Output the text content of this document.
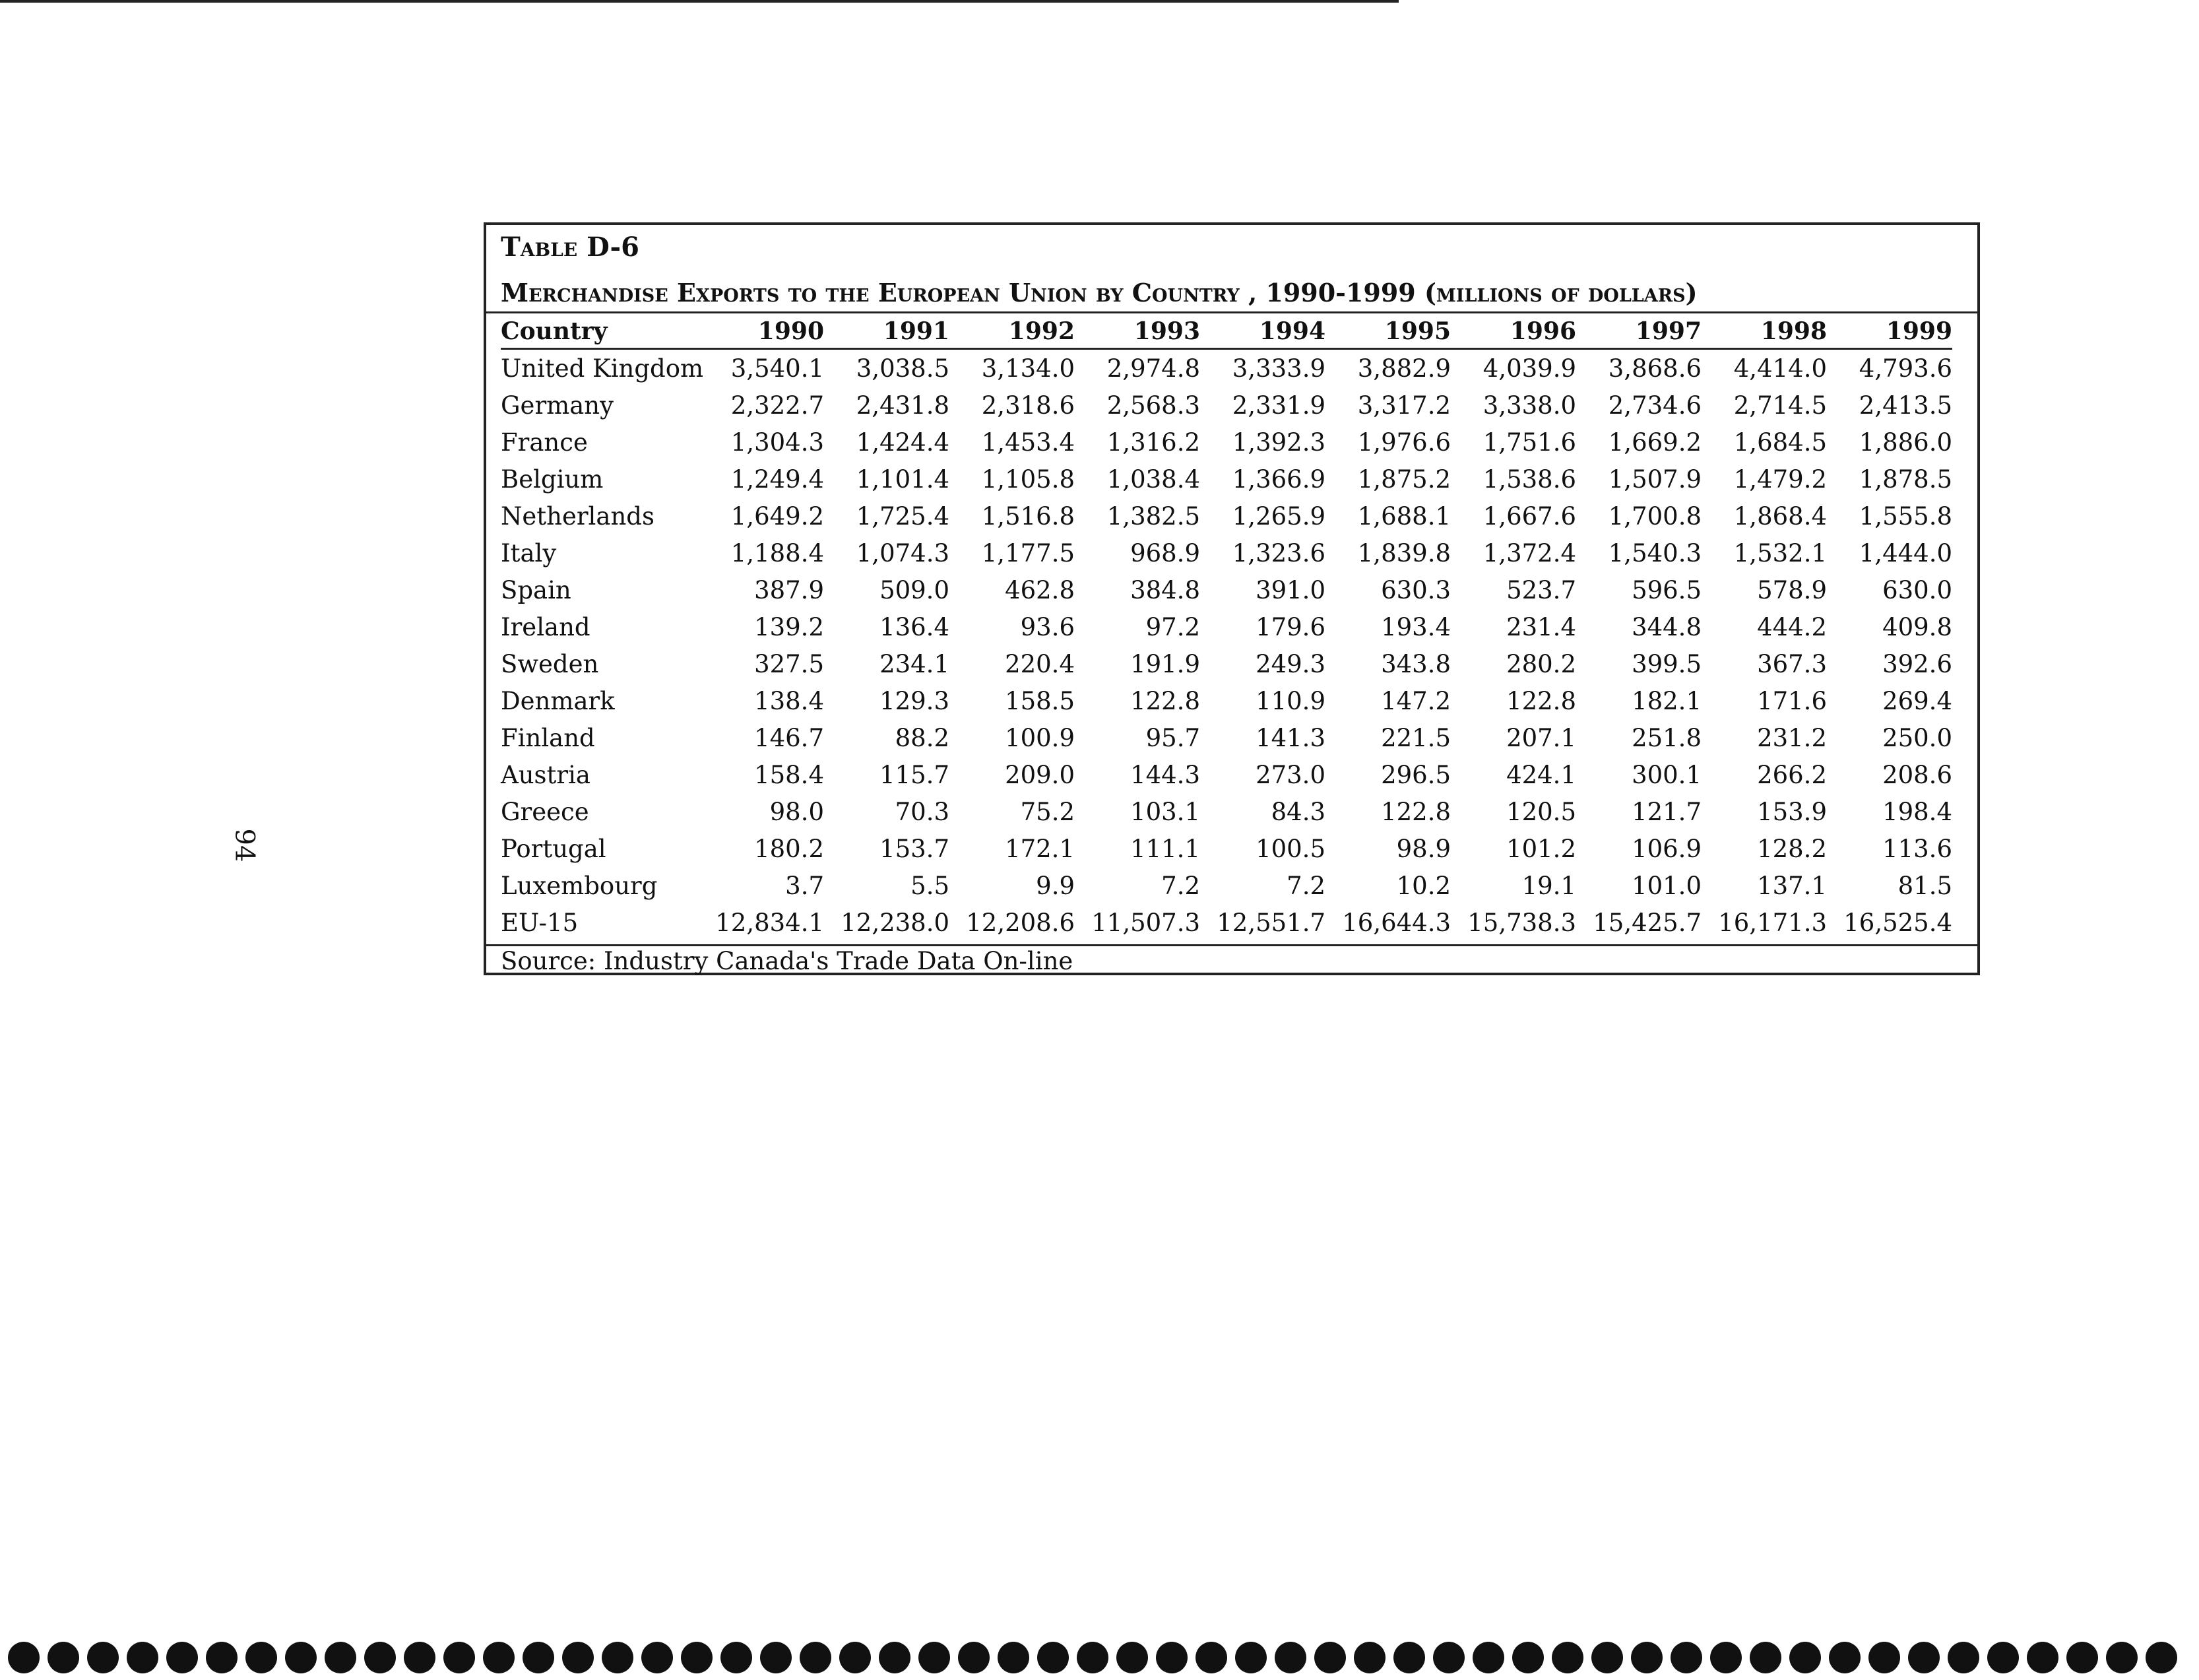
94
Table D-6
Merchandise Exports to the European Union by Country , 1990-1999 (millions of dollars)
Country	1990	1991	1992	1993	1994	1995	1996	1997	1998	1999
United Kingdom	3,540.1	3,038.5	3,134.0	2,974.8	3,333.9	3,882.9	4,039.9	3,868.6	4,414.0	4,793.6
Germany	2,322.7	2,431.8	2,318.6	2,568.3	2,331.9	3,317.2	3,338.0	2,734.6	2,714.5	2,413.5
France	1,304.3	1,424.4	1,453.4	1,316.2	1,392.3	1,976.6	1,751.6	1,669.2	1,684.5	1,886.0
Belgium	1,249.4	1,101.4	1,105.8	1,038.4	1,366.9	1,875.2	1,538.6	1,507.9	1,479.2	1,878.5
Netherlands	1,649.2	1,725.4	1,516.8	1,382.5	1,265.9	1,688.1	1,667.6	1,700.8	1,868.4	1,555.8
Italy	1,188.4	1,074.3	1,177.5	968.9	1,323.6	1,839.8	1,372.4	1,540.3	1,532.1	1,444.0
Spain	387.9	509.0	462.8	384.8	391.0	630.3	523.7	596.5	578.9	630.0
Ireland	139.2	136.4	93.6	97.2	179.6	193.4	231.4	344.8	444.2	409.8
Sweden	327.5	234.1	220.4	191.9	249.3	343.8	280.2	399.5	367.3	392.6
Denmark	138.4	129.3	158.5	122.8	110.9	147.2	122.8	182.1	171.6	269.4
Finland	146.7	88.2	100.9	95.7	141.3	221.5	207.1	251.8	231.2	250.0
Austria	158.4	115.7	209.0	144.3	273.0	296.5	424.1	300.1	266.2	208.6
Greece	98.0	70.3	75.2	103.1	84.3	122.8	120.5	121.7	153.9	198.4
Portugal	180.2	153.7	172.1	111.1	100.5	98.9	101.2	106.9	128.2	113.6
Luxembourg	3.7	5.5	9.9	7.2	7.2	10.2	19.1	101.0	137.1	81.5
EU-15	12,834.1 12,238.0 12,208.6 11,507.3 12,551.7 16,644.3 15,738.3 15,425.7 16,171.3 16,525.4
Source: Industry Canada's Trade Data On-line
